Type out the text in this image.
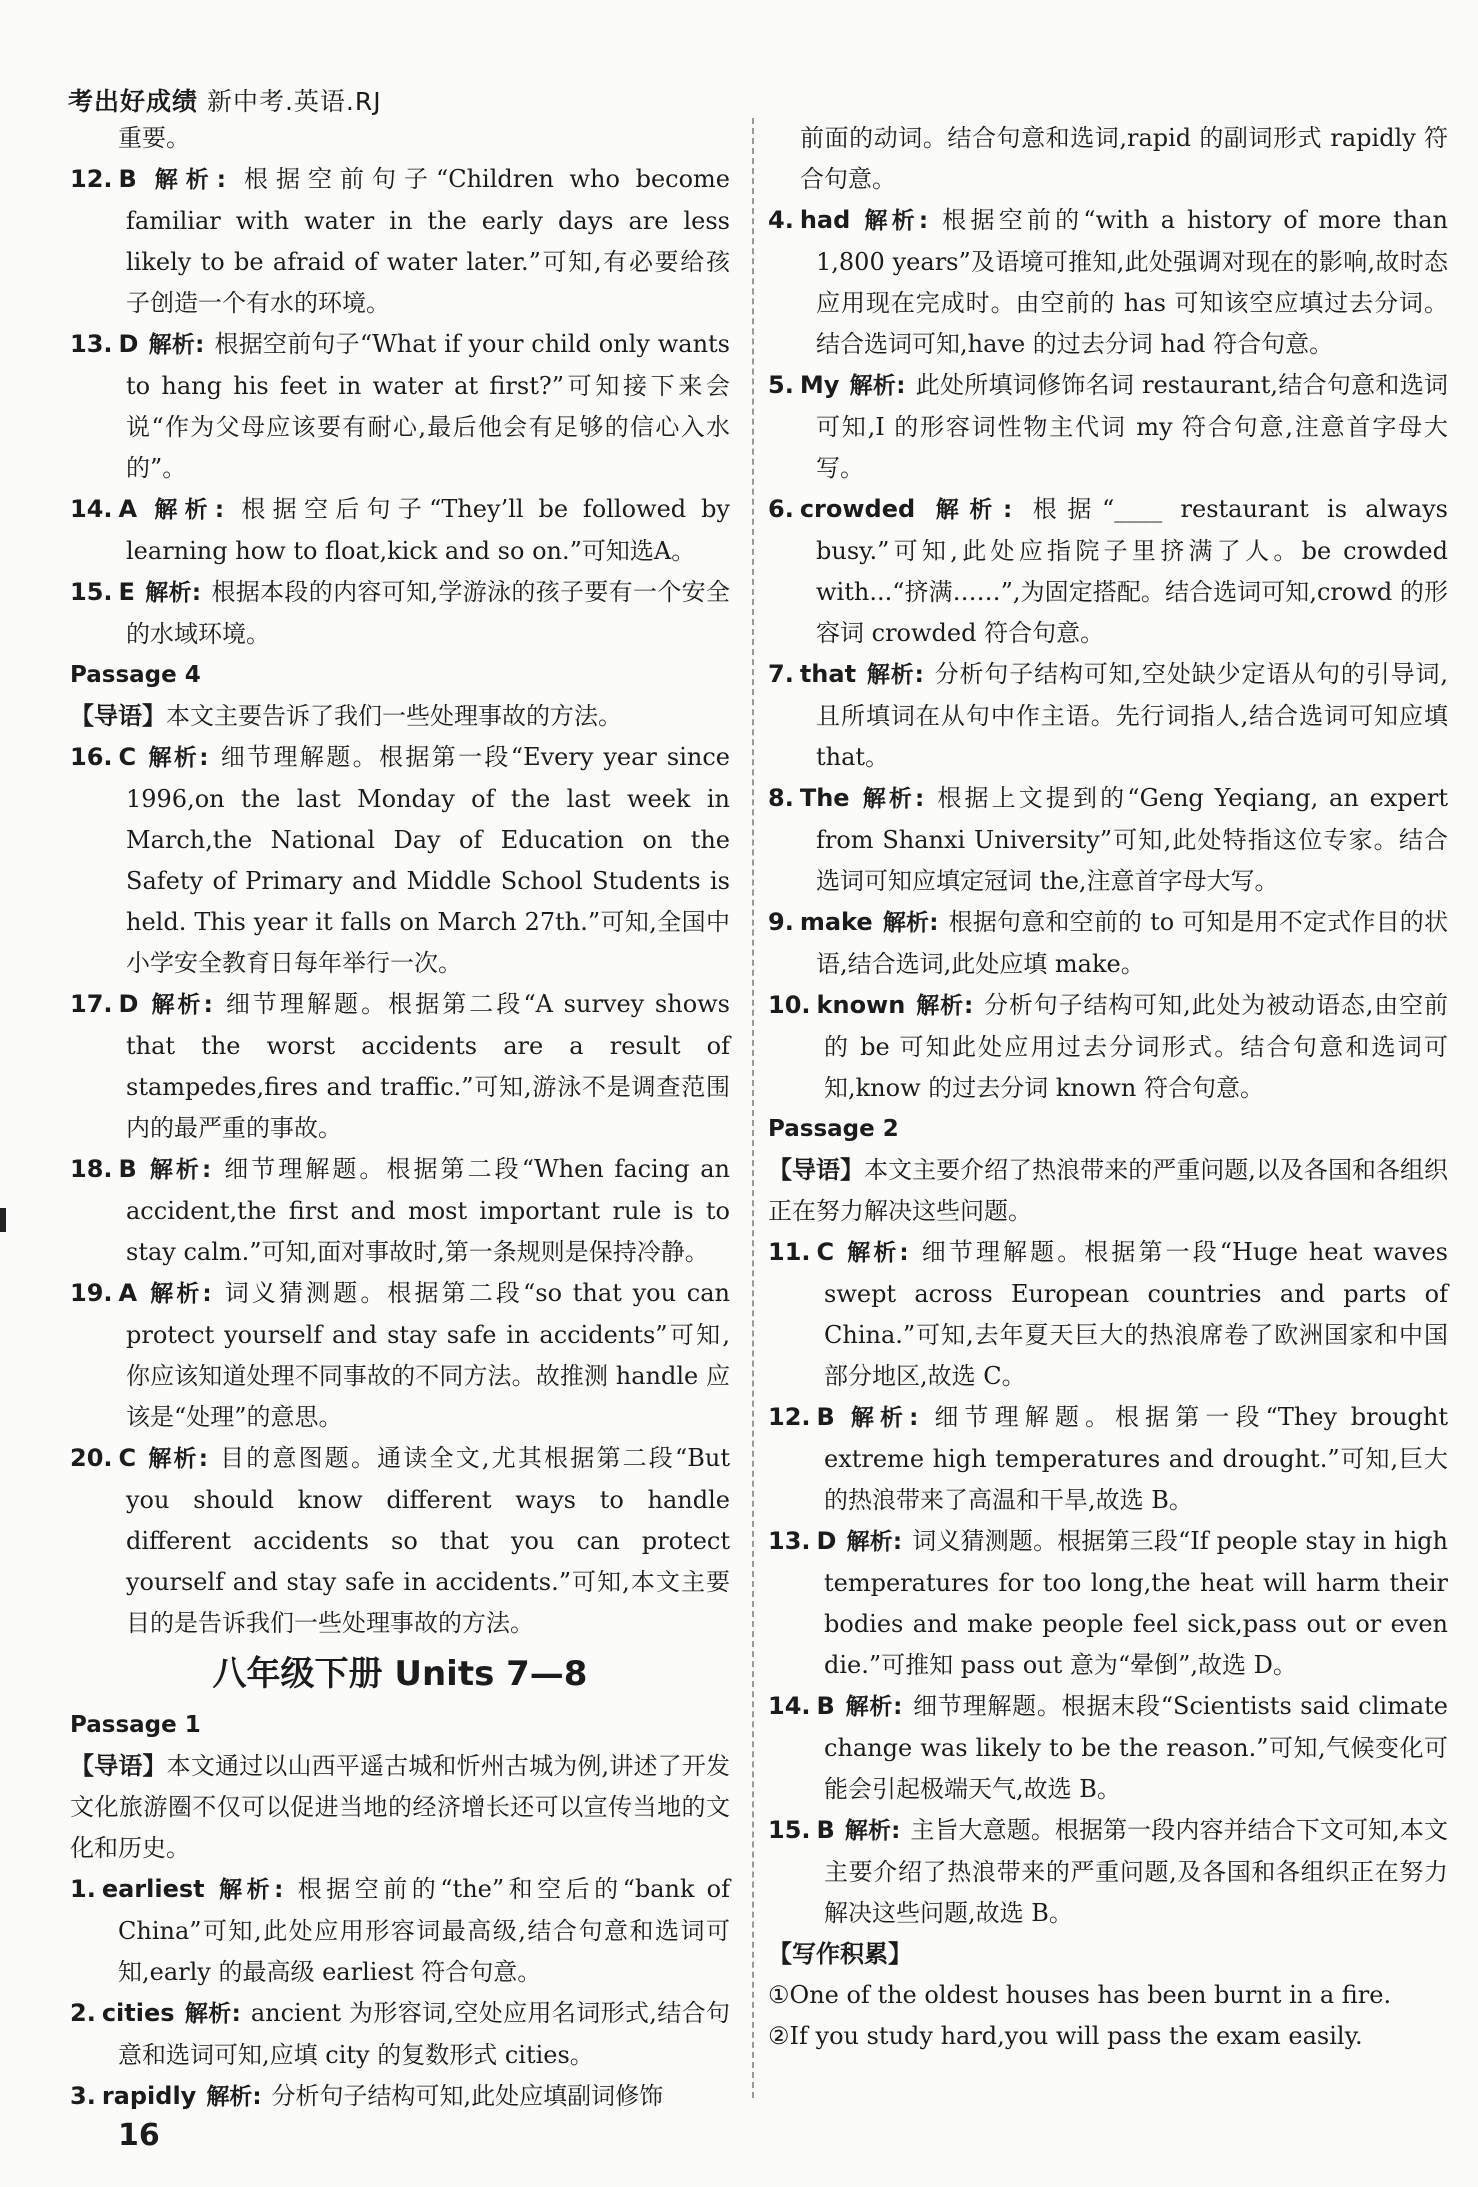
考出好成绩 新中考.英语.RJ
重要。
12. B 解析: 根据空前句子“Children who become familiar with water in the early days are less likely to be afraid of water later.”可知,有必要给孩子创造一个有水的环境。
13. D 解析: 根据空前句子“What if your child only wants to hang his feet in water at first?”可知接下来会说“作为父母应该要有耐心,最后他会有足够的信心入水的”。
14. A 解析: 根据空后句子“They’ll be followed by learning how to float,kick and so on.”可知选A。
15. E 解析: 根据本段的内容可知,学游泳的孩子要有一个安全的水域环境。
Passage 4
【导语】本文主要告诉了我们一些处理事故的方法。
16. C 解析: 细节理解题。根据第一段“Every year since 1996,on the last Monday of the last week in March,the National Day of Education on the Safety of Primary and Middle School Students is held. This year it falls on March 27th.”可知,全国中小学安全教育日每年举行一次。
17. D 解析: 细节理解题。根据第二段“A survey shows that the worst accidents are a result of stampedes,fires and traffic.”可知,游泳不是调查范围内的最严重的事故。
18. B 解析: 细节理解题。根据第二段“When facing an accident,the first and most important rule is to stay calm.”可知,面对事故时,第一条规则是保持冷静。
19. A 解析: 词义猜测题。根据第二段“so that you can protect yourself and stay safe in accidents”可知,你应该知道处理不同事故的不同方法。故推测 handle 应该是“处理”的意思。
20. C 解析: 目的意图题。通读全文,尤其根据第二段“But you should know different ways to handle different accidents so that you can protect yourself and stay safe in accidents.”可知,本文主要目的是告诉我们一些处理事故的方法。
八年级下册 Units 7—8
Passage 1
【导语】本文通过以山西平遥古城和忻州古城为例,讲述了开发文化旅游圈不仅可以促进当地的经济增长还可以宣传当地的文化和历史。
1. earliest 解析: 根据空前的“the”和空后的“bank of China”可知,此处应用形容词最高级,结合句意和选词可知,early 的最高级 earliest 符合句意。
2. cities 解析: ancient 为形容词,空处应用名词形式,结合句意和选词可知,应填 city 的复数形式 cities。
3. rapidly 解析: 分析句子结构可知,此处应填副词修饰
前面的动词。结合句意和选词,rapid 的副词形式 rapidly 符合句意。
4. had 解析: 根据空前的“with a history of more than 1,800 years”及语境可推知,此处强调对现在的影响,故时态应用现在完成时。由空前的 has 可知该空应填过去分词。结合选词可知,have 的过去分词 had 符合句意。
5. My 解析: 此处所填词修饰名词 restaurant,结合句意和选词可知,I 的形容词性物主代词 my 符合句意,注意首字母大写。
6. crowded 解析: 根据“____ restaurant is always busy.”可知,此处应指院子里挤满了人。be crowded with...“挤满……”,为固定搭配。结合选词可知,crowd 的形容词 crowded 符合句意。
7. that 解析: 分析句子结构可知,空处缺少定语从句的引导词,且所填词在从句中作主语。先行词指人,结合选词可知应填 that。
8. The 解析: 根据上文提到的“Geng Yeqiang, an expert from Shanxi University”可知,此处特指这位专家。结合选词可知应填定冠词 the,注意首字母大写。
9. make 解析: 根据句意和空前的 to 可知是用不定式作目的状语,结合选词,此处应填 make。
10. known 解析: 分析句子结构可知,此处为被动语态,由空前的 be 可知此处应用过去分词形式。结合句意和选词可知,know 的过去分词 known 符合句意。
Passage 2
【导语】本文主要介绍了热浪带来的严重问题,以及各国和各组织正在努力解决这些问题。
11. C 解析: 细节理解题。根据第一段“Huge heat waves swept across European countries and parts of China.”可知,去年夏天巨大的热浪席卷了欧洲国家和中国部分地区,故选 C。
12. B 解析: 细节理解题。根据第一段“They brought extreme high temperatures and drought.”可知,巨大的热浪带来了高温和干旱,故选 B。
13. D 解析: 词义猜测题。根据第三段“If people stay in high temperatures for too long,the heat will harm their bodies and make people feel sick,pass out or even die.”可推知 pass out 意为“晕倒”,故选 D。
14. B 解析: 细节理解题。根据末段“Scientists said climate change was likely to be the reason.”可知,气候变化可能会引起极端天气,故选 B。
15. B 解析: 主旨大意题。根据第一段内容并结合下文可知,本文主要介绍了热浪带来的严重问题,及各国和各组织正在努力解决这些问题,故选 B。
【写作积累】
①One of the oldest houses has been burnt in a fire.
②If you study hard,you will pass the exam easily.
16
